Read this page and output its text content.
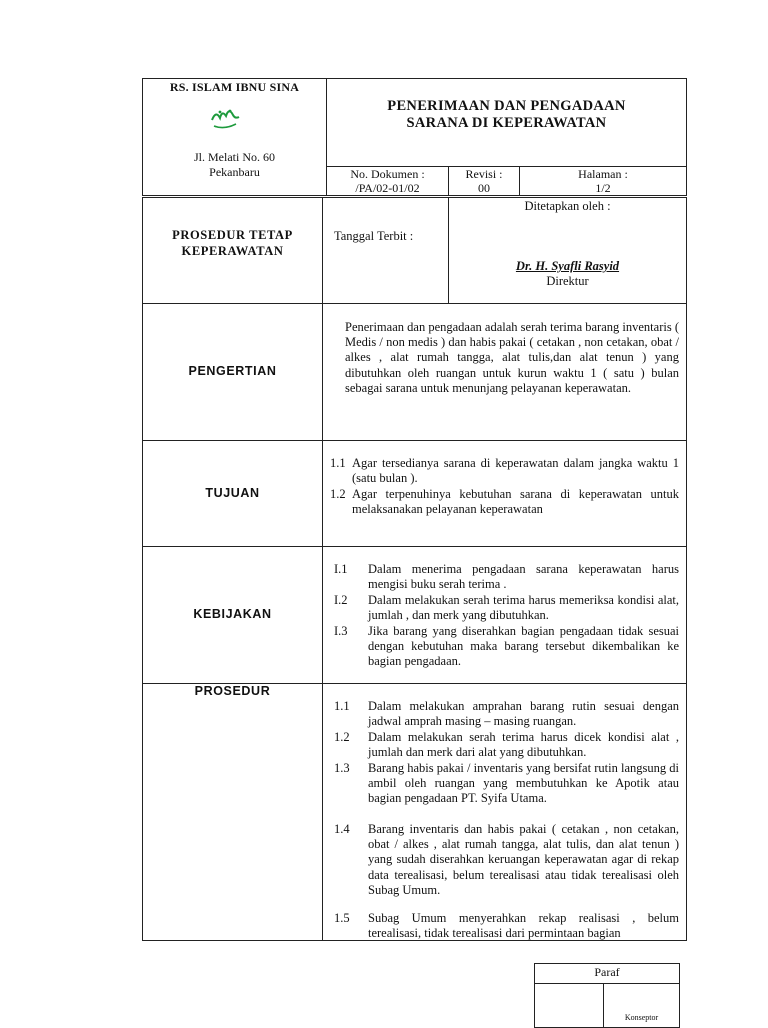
RS. ISLAM IBNU SINA
Jl. Melati No. 60
Pekanbaru
PENERIMAAN DAN PENGADAAN
SARANA DI KEPERAWATAN
No. Dokumen :
/PA/02-01/02
Revisi :
00
Halaman :
1/2
PROSEDUR TETAP
KEPERAWATAN
Tanggal Terbit :
Ditetapkan oleh :
Dr. H. Syafli Rasyid
Direktur
PENGERTIAN
Penerimaan dan pengadaan adalah serah terima barang inventaris ( Medis / non medis ) dan habis pakai ( cetakan , non cetakan, obat / alkes , alat rumah tangga, alat tulis,dan alat tenun ) yang dibutuhkan oleh ruangan untuk kurun waktu 1 ( satu ) bulan sebagai sarana untuk menunjang pelayanan keperawatan.
TUJUAN
1.1 Agar tersedianya sarana di keperawatan dalam jangka waktu 1 (satu bulan ).
1.2 Agar terpenuhinya kebutuhan sarana di keperawatan untuk melaksanakan pelayanan keperawatan
KEBIJAKAN
I.1 Dalam menerima pengadaan sarana keperawatan harus mengisi buku serah terima .
I.2 Dalam melakukan serah terima harus memeriksa kondisi alat, jumlah , dan merk yang dibutuhkan.
I.3 Jika barang yang diserahkan bagian pengadaan tidak sesuai dengan kebutuhan maka barang tersebut dikembalikan ke bagian pengadaan.
PROSEDUR
1.1 Dalam melakukan amprahan barang rutin sesuai dengan jadwal amprah masing – masing ruangan.
1.2 Dalam melakukan serah terima harus dicek kondisi alat , jumlah dan merk dari alat yang dibutuhkan.
1.3 Barang habis pakai / inventaris yang bersifat rutin langsung di ambil oleh ruangan yang membutuhkan ke Apotik atau bagian pengadaan PT. Syifa Utama.
1.4 Barang inventaris dan habis pakai ( cetakan , non cetakan, obat / alkes , alat rumah tangga, alat tulis, dan alat tenun ) yang sudah diserahkan keruangan keperawatan agar di rekap data terealisasi, belum terealisasi atau tidak terealisasi oleh Subag Umum.
1.5 Subag Umum menyerahkan rekap realisasi , belum terealisasi, tidak terealisasi dari permintaan bagian
Paraf
Konseptor
